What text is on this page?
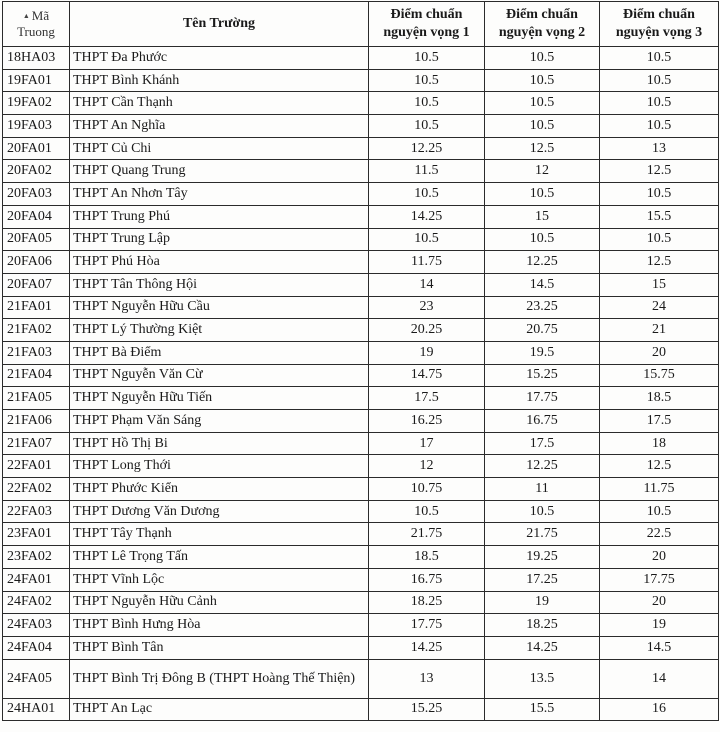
▲ Mã Truong	Tên Trường	Điểm chuẩn nguyện vọng 1	Điểm chuẩn nguyện vọng 2	Điểm chuẩn nguyện vọng 3
18HA03	THPT Đa Phước	10.5	10.5	10.5
19FA01	THPT Bình Khánh	10.5	10.5	10.5
19FA02	THPT Cần Thạnh	10.5	10.5	10.5
19FA03	THPT An Nghĩa	10.5	10.5	10.5
20FA01	THPT Củ Chi	12.25	12.5	13
20FA02	THPT Quang Trung	11.5	12	12.5
20FA03	THPT An Nhơn Tây	10.5	10.5	10.5
20FA04	THPT Trung Phú	14.25	15	15.5
20FA05	THPT Trung Lập	10.5	10.5	10.5
20FA06	THPT Phú Hòa	11.75	12.25	12.5
20FA07	THPT Tân Thông Hội	14	14.5	15
21FA01	THPT Nguyễn Hữu Cầu	23	23.25	24
21FA02	THPT Lý Thường Kiệt	20.25	20.75	21
21FA03	THPT Bà Điểm	19	19.5	20
21FA04	THPT Nguyễn Văn Cừ	14.75	15.25	15.75
21FA05	THPT Nguyễn Hữu Tiến	17.5	17.75	18.5
21FA06	THPT Phạm Văn Sáng	16.25	16.75	17.5
21FA07	THPT Hồ Thị Bi	17	17.5	18
22FA01	THPT Long Thới	12	12.25	12.5
22FA02	THPT Phước Kiển	10.75	11	11.75
22FA03	THPT Dương Văn Dương	10.5	10.5	10.5
23FA01	THPT Tây Thạnh	21.75	21.75	22.5
23FA02	THPT Lê Trọng Tấn	18.5	19.25	20
24FA01	THPT Vĩnh Lộc	16.75	17.25	17.75
24FA02	THPT Nguyễn Hữu Cảnh	18.25	19	20
24FA03	THPT Bình Hưng Hòa	17.75	18.25	19
24FA04	THPT Bình Tân	14.25	14.25	14.5
24FA05	THPT Bình Trị Đông B (THPT Hoàng Thế Thiện)	13	13.5	14
24HA01	THPT An Lạc	15.25	15.5	16
